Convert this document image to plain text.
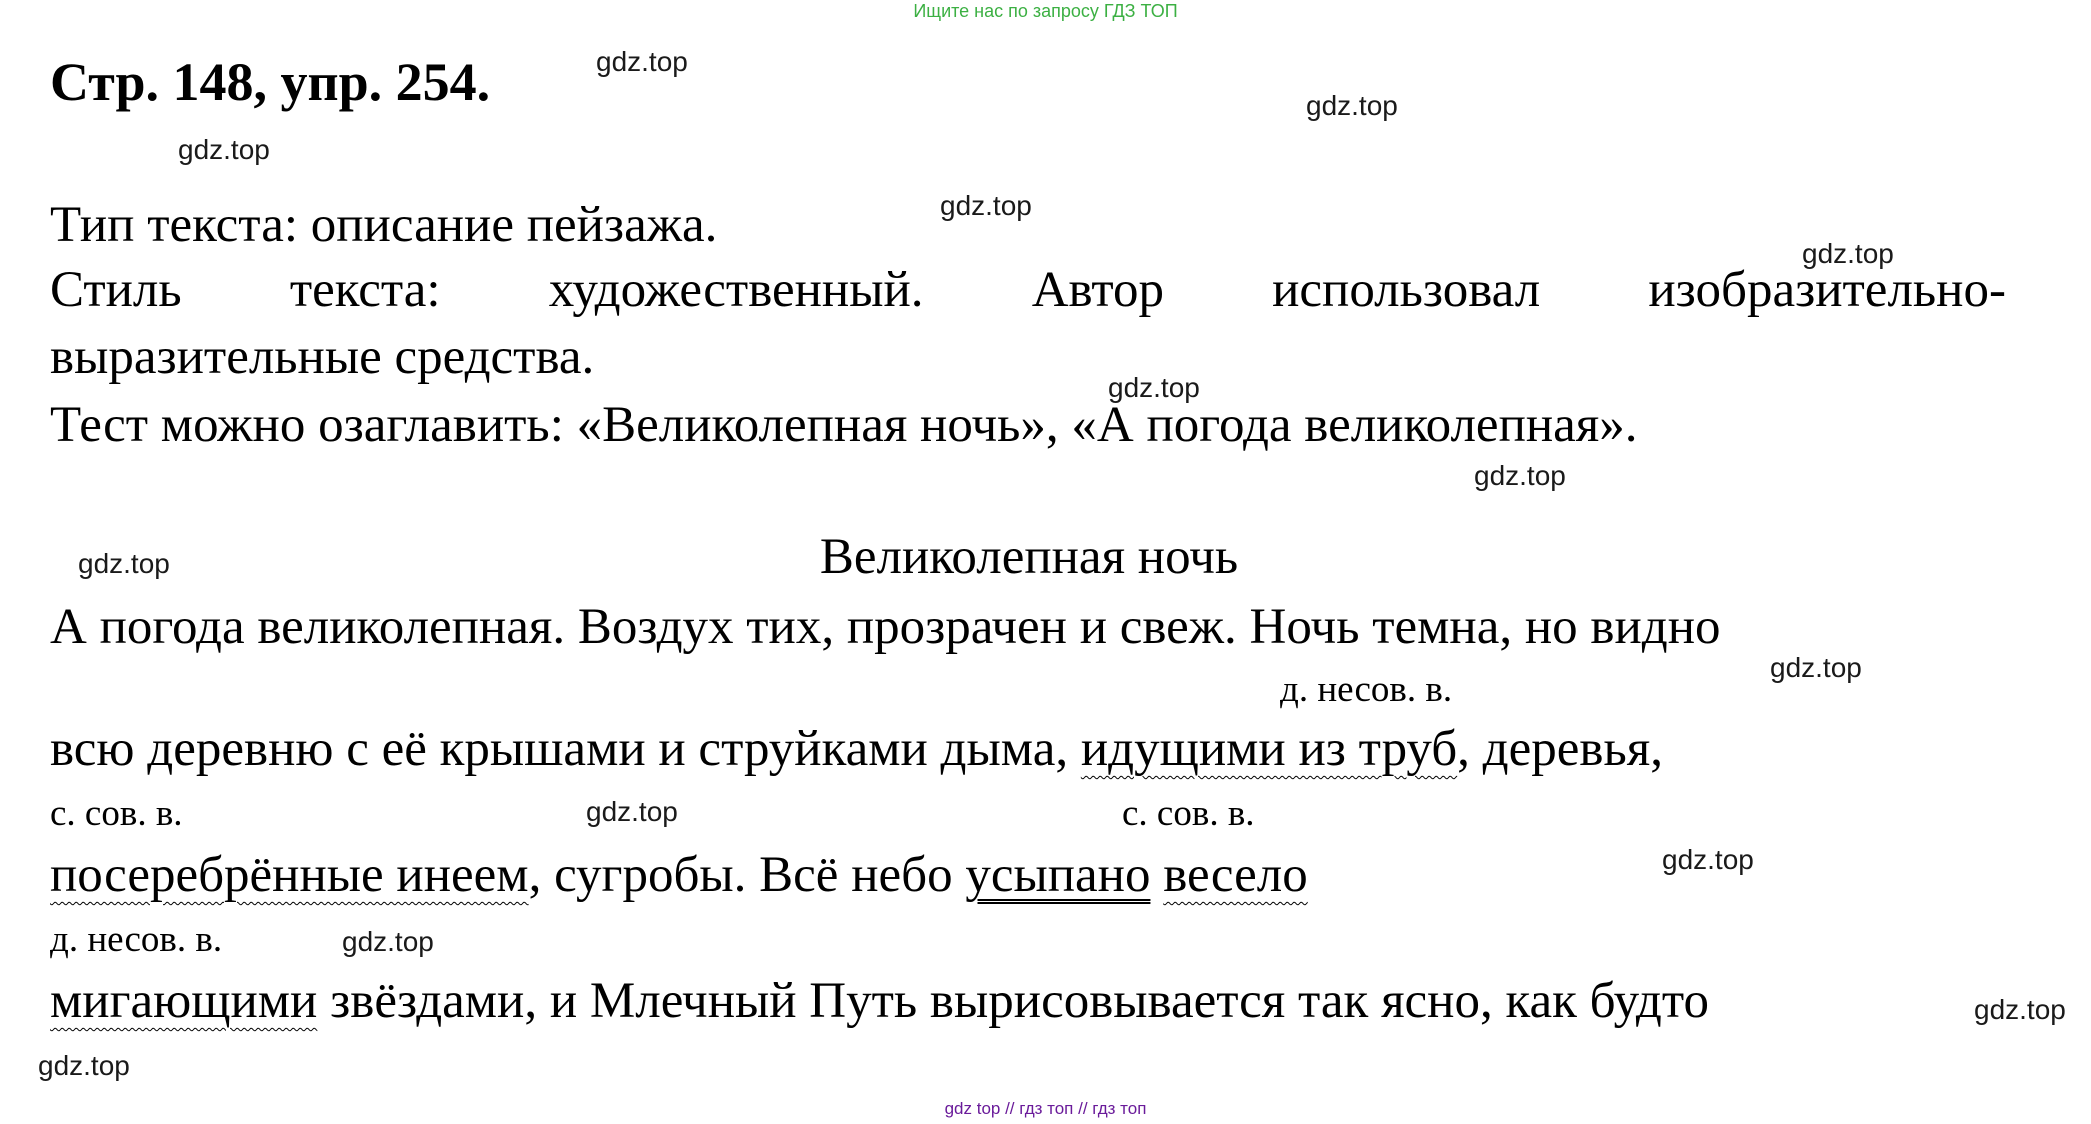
Ищите нас по запросу ГДЗ ТОП
Стр. 148, упр. 254.
Тип текста: описание пейзажа.
Стиль текста: художественный. Автор использовал изобразительно-
выразительные средства.
Тест можно озаглавить: «Великолепная ночь», «А погода великолепная».
Великолепная ночь
А погода великолепная. Воздух тих, прозрачен и свеж. Ночь темна, но видно
д. несов. в.
всю деревню с её крышами и струйками дыма, идущими из труб, деревья,
с. сов. в.	с. сов. в.
посеребрённые инеем, сугробы. Всё небо усыпано весело
д. несов. в.
мигающими звёздами, и Млечный Путь вырисовывается так ясно, как будто
gdz.top
gdz.top
gdz.top
gdz.top
gdz.top
gdz.top
gdz.top
gdz.top
gdz.top
gdz.top
gdz.top
gdz.top
gdz.top
gdz.top
gdz top // гдз топ // гдз топ
